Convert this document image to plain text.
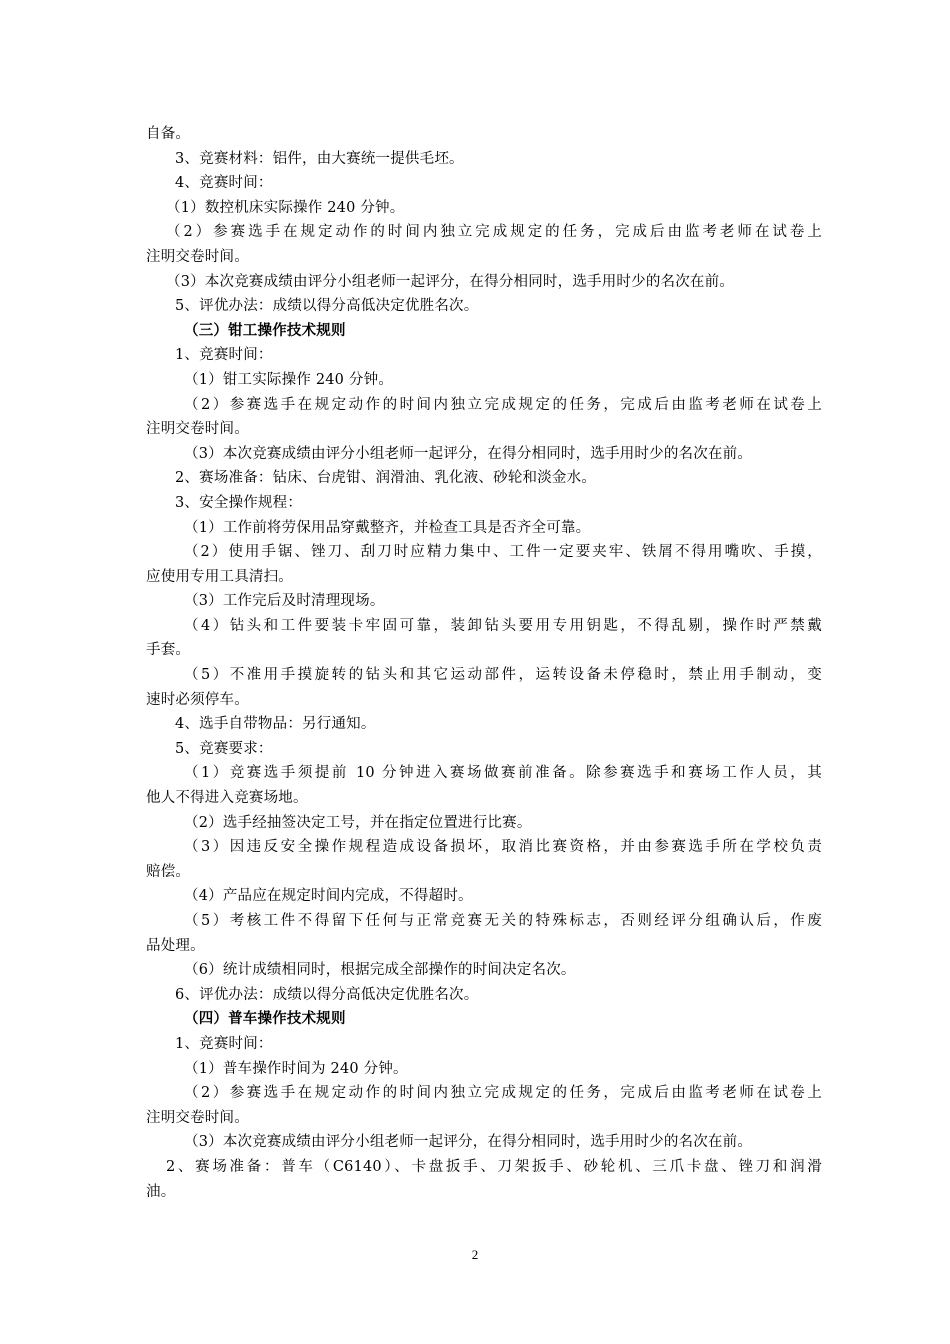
自备。
3、竞赛材料：铝件，由大赛统一提供毛坯。
4、竞赛时间：
（1）数控机床实际操作 240 分钟。
（2）参赛选手在规定动作的时间内独立完成规定的任务，完成后由监考老师在试卷上
注明交卷时间。
（3）本次竞赛成绩由评分小组老师一起评分，在得分相同时，选手用时少的名次在前。
5、评优办法：成绩以得分高低决定优胜名次。
（三）钳工操作技术规则
1、竞赛时间：
（1）钳工实际操作 240 分钟。
（2）参赛选手在规定动作的时间内独立完成规定的任务，完成后由监考老师在试卷上
注明交卷时间。
（3）本次竞赛成绩由评分小组老师一起评分，在得分相同时，选手用时少的名次在前。
2、赛场准备：钻床、台虎钳、润滑油、乳化液、砂轮和淡金水。
3、安全操作规程：
（1）工作前将劳保用品穿戴整齐，并检查工具是否齐全可靠。
（2）使用手锯、锉刀、刮刀时应精力集中、工件一定要夹牢、铁屑不得用嘴吹、手摸，
应使用专用工具清扫。
（3）工作完后及时清理现场。
（4）钻头和工件要装卡牢固可靠，装卸钻头要用专用钥匙，不得乱剔，操作时严禁戴
手套。
（5）不准用手摸旋转的钻头和其它运动部件，运转设备未停稳时，禁止用手制动，变
速时必须停车。
4、选手自带物品：另行通知。
5、竞赛要求：
（1）竞赛选手须提前 10 分钟进入赛场做赛前准备。除参赛选手和赛场工作人员，其
他人不得进入竞赛场地。
（2）选手经抽签决定工号，并在指定位置进行比赛。
（3）因违反安全操作规程造成设备损坏，取消比赛资格，并由参赛选手所在学校负责
赔偿。
（4）产品应在规定时间内完成，不得超时。
（5）考核工件不得留下任何与正常竞赛无关的特殊标志，否则经评分组确认后，作废
品处理。
（6）统计成绩相同时，根据完成全部操作的时间决定名次。
6、评优办法：成绩以得分高低决定优胜名次。
（四）普车操作技术规则
1、竞赛时间：
（1）普车操作时间为 240 分钟。
（2）参赛选手在规定动作的时间内独立完成规定的任务，完成后由监考老师在试卷上
注明交卷时间。
（3）本次竞赛成绩由评分小组老师一起评分，在得分相同时，选手用时少的名次在前。
2、赛场准备：普车（C6140）、卡盘扳手、刀架扳手、砂轮机、三爪卡盘、锉刀和润滑
油。
2
